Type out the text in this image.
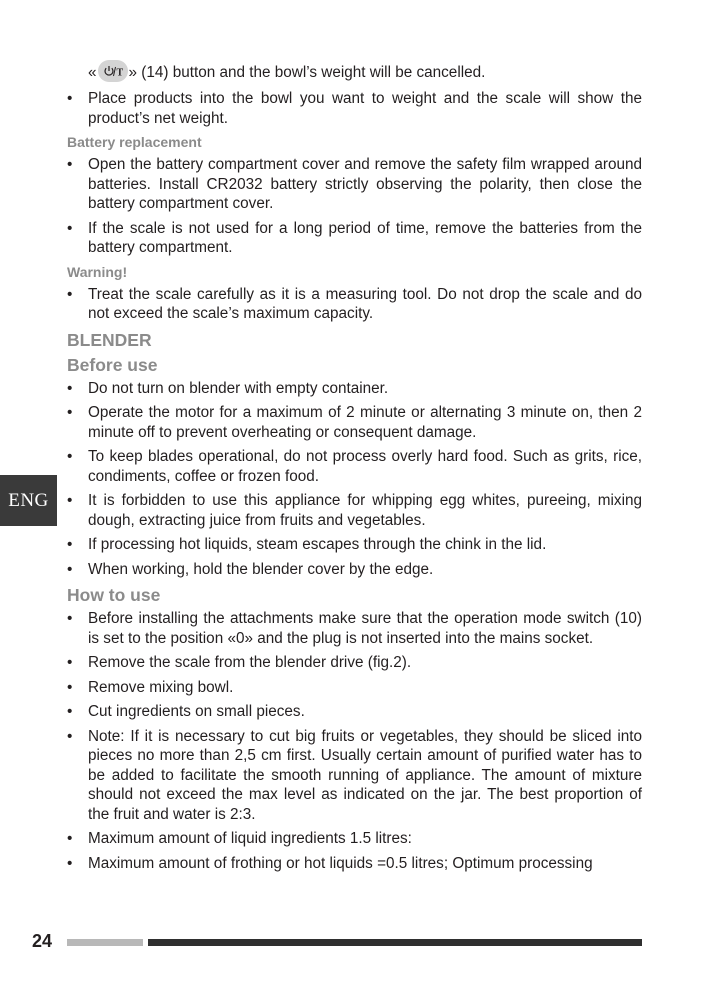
« T » (14) button and the bowl’s weight will be cancelled.
• Place products into the bowl you want to weight and the scale will show the product’s net weight.
Battery replacement
• Open the battery compartment cover and remove the safety film wrapped around batteries. Install CR2032 battery strictly observing the polarity, then close the battery compartment cover.
• If the scale is not used for a long period of time, remove the batteries from the battery compartment.
Warning!
• Treat the scale carefully as it is a measuring tool. Do not drop the scale and do not exceed the scale’s maximum capacity.
BLENDER
Before use
• Do not turn on blender with empty container.
• Operate the motor for a maximum of 2 minute or alternating 3 minute on, then 2 minute off to prevent overheating or consequent damage.
• To keep blades operational, do not process overly hard food. Such as grits, rice, condiments, coffee or frozen food.
• It is forbidden to use this appliance for whipping egg whites, pureeing, mixing dough, extracting juice from fruits and vegetables.
• If processing hot liquids, steam escapes through the chink in the lid.
• When working, hold the blender cover by the edge.
How to use
• Before installing the attachments make sure that the operation mode switch (10) is set to the position «0» and the plug is not inserted into the mains socket.
• Remove the scale from the blender drive (fig.2).
• Remove mixing bowl.
• Cut ingredients on small pieces.
• Note: If it is necessary to cut big fruits or vegetables, they should be sliced into pieces no more than 2,5 cm first. Usually certain amount of purified water has to be added to facilitate the smooth running of appliance. The amount of mixture should not exceed the max level as indicated on the jar. The best proportion of the fruit and water is 2:3.
• Maximum amount of liquid ingredients 1.5 litres:
• Maximum amount of frothing or hot liquids =0.5 litres; Optimum processing
ENG
24
